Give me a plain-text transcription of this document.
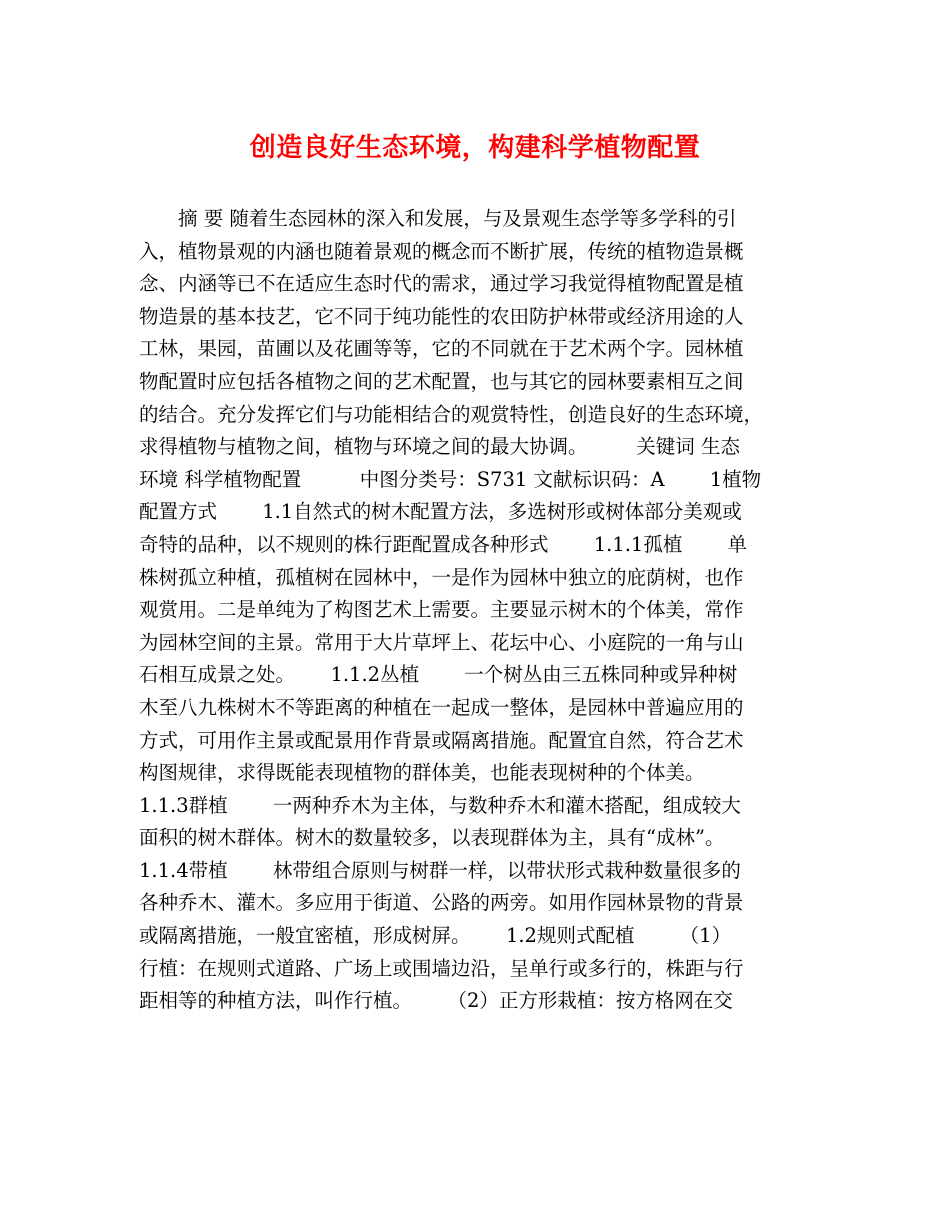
创造良好生态环境，构建科学植物配置
　　摘 要 随着生态园林的深入和发展，与及景观生态学等多学科的引
入，植物景观的内涵也随着景观的概念而不断扩展，传统的植物造景概
念、内涵等已不在适应生态时代的需求，通过学习我觉得植物配置是植
物造景的基本技艺，它不同于纯功能性的农田防护林带或经济用途的人
工林，果园，苗圃以及花圃等等，它的不同就在于艺术两个字。园林植
物配置时应包括各植物之间的艺术配置，也与其它的园林要素相互之间
的结合。充分发挥它们与功能相结合的观赏特性，创造良好的生态环境，
求得植物与植物之间，植物与环境之间的最大协调。　　　关键词 生态
环境 科学植物配置　　　中图分类号：S731 文献标识码：A　　 1植物
配置方式　　 1.1自然式的树木配置方法，多选树形或树体部分美观或
奇特的品种，以不规则的株行距配置成各种形式　　 1.1.1孤植　　 单
株树孤立种植，孤植树在园林中，一是作为园林中独立的庇荫树，也作
观赏用。二是单纯为了构图艺术上需要。主要显示树木的个体美，常作
为园林空间的主景。常用于大片草坪上、花坛中心、小庭院的一角与山
石相互成景之处。　　 1.1.2丛植　　 一个树丛由三五株同种或异种树
木至八九株树木不等距离的种植在一起成一整体，是园林中普遍应用的
方式，可用作主景或配景用作背景或隔离措施。配置宜自然，符合艺术
构图规律，求得既能表现植物的群体美，也能表现树种的个体美。
1.1.3群植　　 一两种乔木为主体，与数种乔木和灌木搭配，组成较大
面积的树木群体。树木的数量较多，以表现群体为主，具有“成林”。
1.1.4带植　　 林带组合原则与树群一样，以带状形式栽种数量很多的
各种乔木、灌木。多应用于街道、公路的两旁。如用作园林景物的背景
或隔离措施，一般宜密植，形成树屏。　　 1.2规则式配植　　 （1）
行植：在规则式道路、广场上或围墙边沿，呈单行或多行的，株距与行
距相等的种植方法，叫作行植。　　 （2）正方形栽植：按方格网在交
